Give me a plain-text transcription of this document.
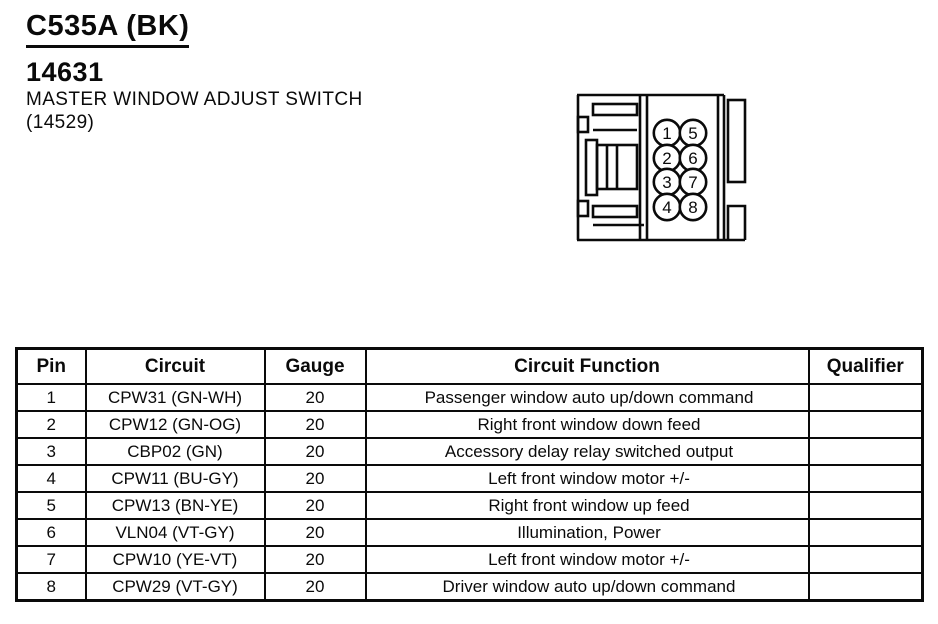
C535A (BK)
14631
MASTER WINDOW ADJUST SWITCH
(14529)
1
2
3
4
5
6
7
8
Pin	Circuit	Gauge	Circuit Function	Qualifier
1	CPW31 (GN-WH)	20	Passenger window auto up/down command	
2	CPW12 (GN-OG)	20	Right front window down feed	
3	CBP02 (GN)	20	Accessory delay relay switched output	
4	CPW11 (BU-GY)	20	Left front window motor +/-	
5	CPW13 (BN-YE)	20	Right front window up feed	
6	VLN04 (VT-GY)	20	Illumination, Power	
7	CPW10 (YE-VT)	20	Left front window motor +/-	
8	CPW29 (VT-GY)	20	Driver window auto up/down command	
